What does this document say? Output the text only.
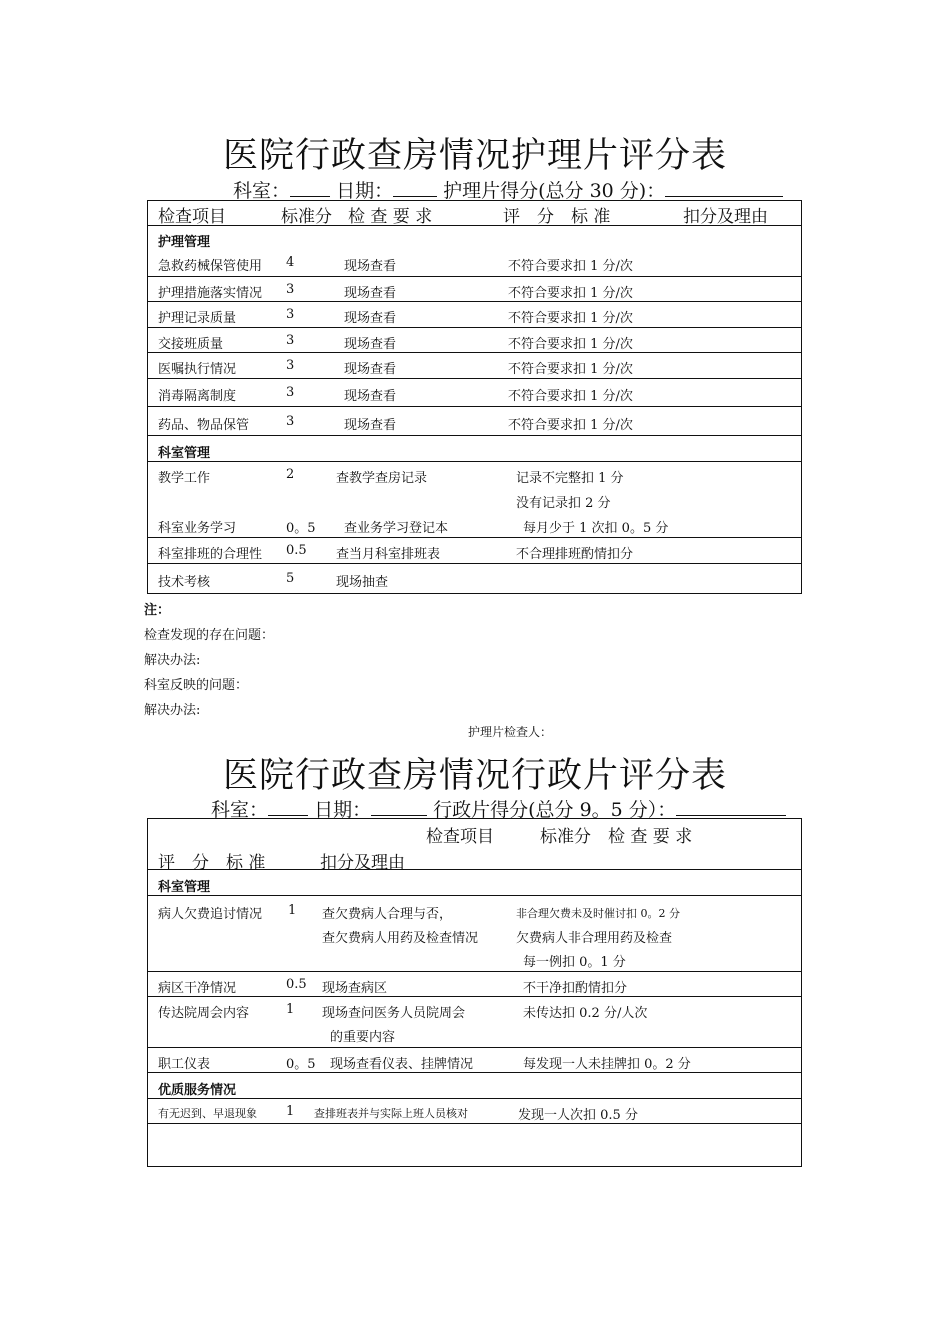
医院行政查房情况护理片评分表
科室： 日期：	护理片得分(总分 30 分)：
检查项目	标准分 检 查 要 求	评　分　标 准	扣分及理由
护理管理
急救药械保管使用 4	现场查看	不符合要求扣 1 分/次
护理措施落实情况 3	现场查看	不符合要求扣 1 分/次
护理记录质量	3	现场查看	不符合要求扣 1 分/次
交接班质量	3	现场查看	不符合要求扣 1 分/次
医嘱执行情况	3	现场查看	不符合要求扣 1 分/次
消毒隔离制度	3	现场查看	不符合要求扣 1 分/次
药品、物品保管	3	现场查看	不符合要求扣 1 分/次
科室管理
教学工作	2	查教学查房记录	记录不完整扣 1 分
没有记录扣 2 分
科室业务学习	0。5 查业务学习登记本	每月少于 1 次扣 0。5 分
科室排班的合理性 0.5 查当月科室排班表	不合理排班酌情扣分
技术考核	5	现场抽查
注：
检查发现的存在问题：
解决办法:
科室反映的问题：
解决办法:
护理片检查人：
医院行政查房情况行政片评分表
科室： 日期：	行政片得分(总分 9。5 分）：
检查项目	标准分 检 查 要 求
评　分　标 准	扣分及理由
科室管理
病人欠费追讨情况 1 查欠费病人合理与否，
查欠费病人用药及检查情况
非合理欠费未及时催讨扣 0。2 分
欠费病人非合理用药及检查
每一例扣 0。1 分
病区干净情况	0.5 现场查病区	不干净扣酌情扣分
传达院周会内容	1 现场查问医务人员院周会
的重要内容
未传达扣 0.2 分/人次
职工仪表	0。5 现场查看仪表、挂牌情况	每发现一人未挂牌扣 0。2 分
优质服务情况
有无迟到、早退现象 1 查排班表并与实际上班人员核对	发现一人次扣 0.5 分
